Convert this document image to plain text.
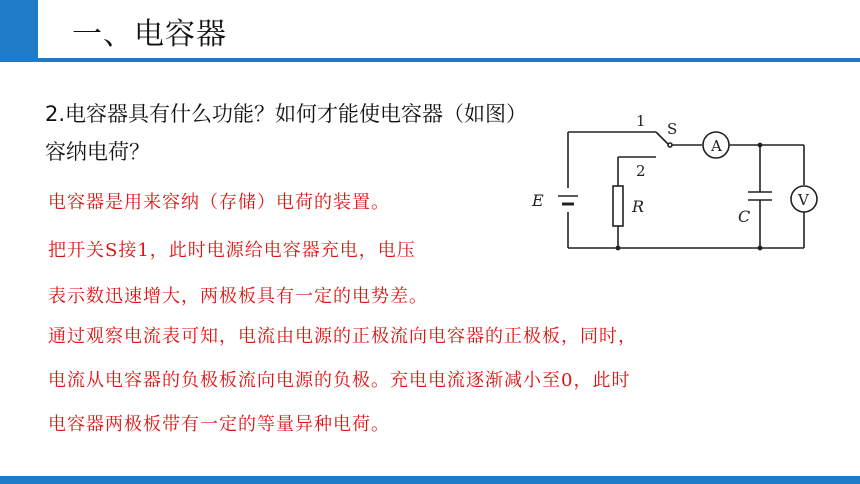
一、电容器
2.电容器具有什么功能？如何才能使电容器（如图）
容纳电荷？
电容器是用来容纳（存储）电荷的装置。
把开关S接1，此时电源给电容器充电，电压
表示数迅速增大，两极板具有一定的电势差。
通过观察电流表可知，电流由电源的正极流向电容器的正极板，同时，
电流从电容器的负极板流向电源的负极。充电电流逐渐减小至0，此时
电容器两极板带有一定的等量异种电荷。
1
2
S
A
V
E	R
C
